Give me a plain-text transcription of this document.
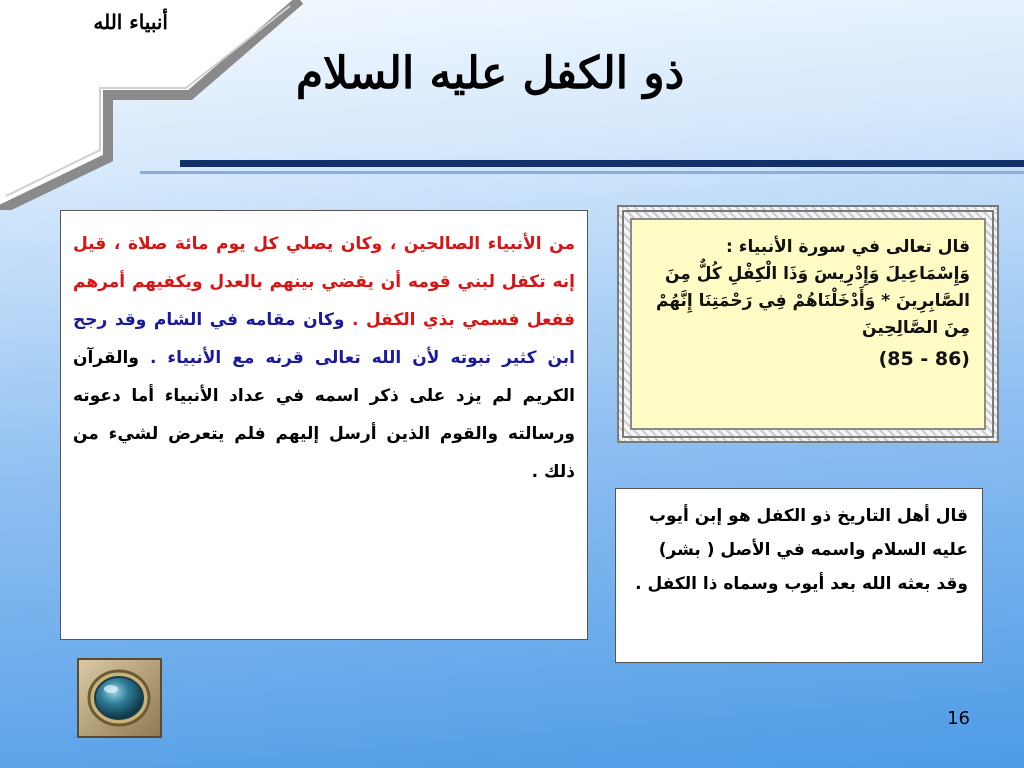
أنبياء الله
ذو الكفل عليه السلام
من الأنبياء الصالحين ، وكان يصلي كل يوم مائة صلاة ، قيل إنه تكفل لبني قومه أن يقضي بينهم بالعدل ويكفيهم أمرهم ففعل فسمي بذي الكفل . وكان مقامه في الشام وقد رجح ابن كثير نبوته لأن الله تعالى قرنه مع الأنبياء . والقرآن الكريم لم يزد على ذكر اسمه في عداد الأنبياء أما دعوته ورسالته والقوم الذين أرسل إليهم فلم يتعرض لشيء من ذلك .
قال تعالى في سورة الأنبياء : وَإِسْمَاعِيلَ وَإِدْرِيسَ وَذَا الْكِفْلِ كُلٌّ مِنَ الصَّابِرِينَ * وَأَدْخَلْنَاهُمْ فِي رَحْمَتِنَا إِنَّهُمْ مِنَ الصَّالِحِينَ
(85 - 86)
قال أهل التاريخ ذو الكفل هو إبن أيوب عليه السلام واسمه في الأصل ( بشر) وقد بعثه الله بعد أيوب وسماه ذا الكفل .
16
